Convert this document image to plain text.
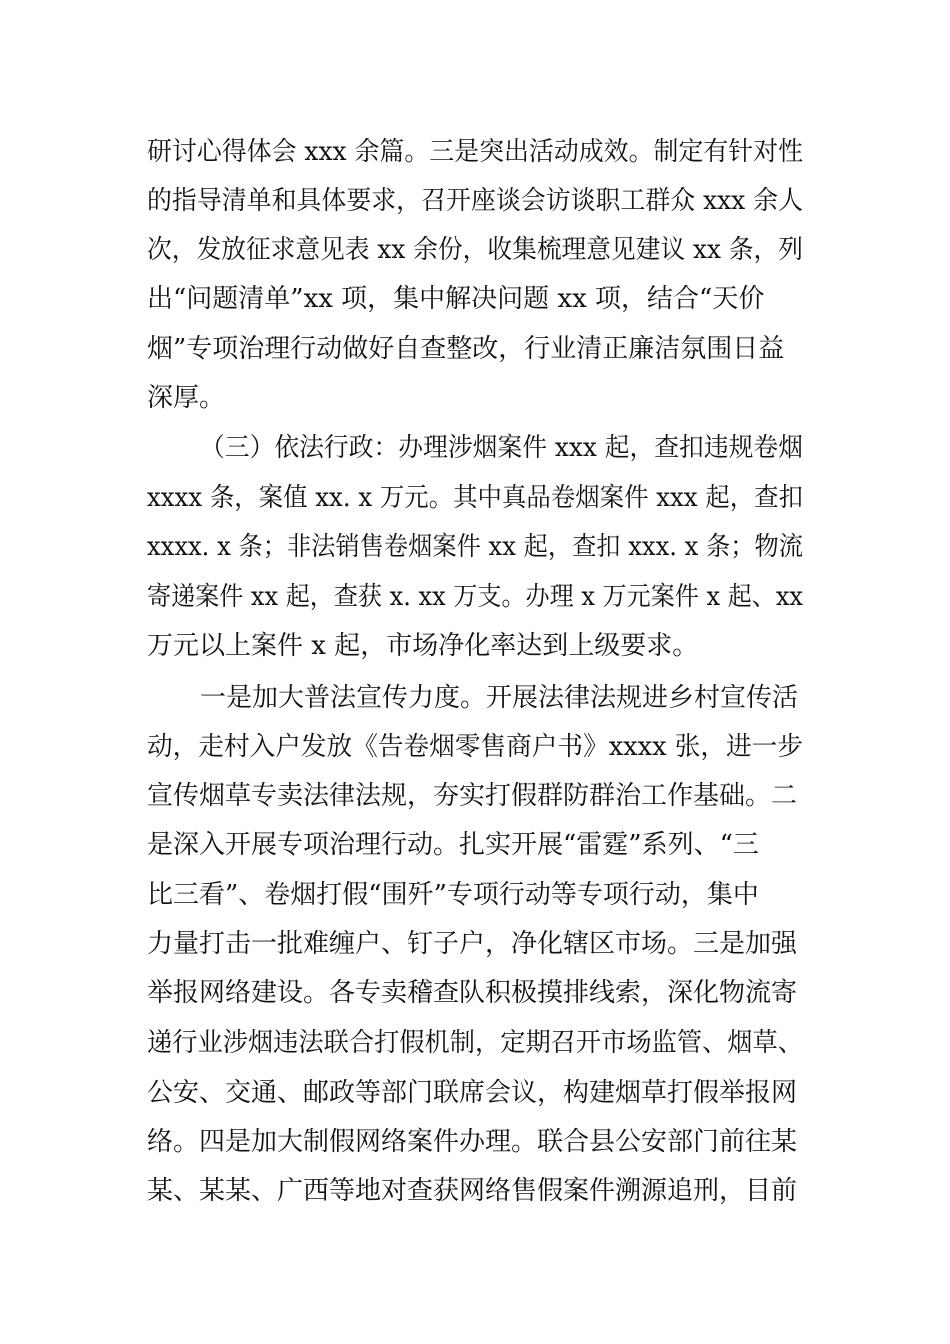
研讨心得体会 xxx 余篇。三是突出活动成效。制定有针对性
的指导清单和具体要求，召开座谈会访谈职工群众 xxx 余人
次，发放征求意见表 xx 余份，收集梳理意见建议 xx 条，列
出“问题清单”xx 项，集中解决问题 xx 项，结合“天价
烟”专项治理行动做好自查整改，行业清正廉洁氛围日益
深厚。
（三）依法行政：办理涉烟案件 xxx 起，查扣违规卷烟
xxxx 条，案值 xx. x 万元。其中真品卷烟案件 xxx 起，查扣
xxxx. x 条；非法销售卷烟案件 xx 起，查扣 xxx. x 条；物流
寄递案件 xx 起，查获 x. xx 万支。办理 x 万元案件 x 起、xx
万元以上案件 x 起，市场净化率达到上级要求。
一是加大普法宣传力度。开展法律法规进乡村宣传活
动，走村入户发放《告卷烟零售商户书》xxxx 张，进一步
宣传烟草专卖法律法规，夯实打假群防群治工作基础。二
是深入开展专项治理行动。扎实开展“雷霆”系列、“三
比三看”、卷烟打假“围歼”专项行动等专项行动，集中
力量打击一批难缠户、钉子户，净化辖区市场。三是加强
举报网络建设。各专卖稽查队积极摸排线索，深化物流寄
递行业涉烟违法联合打假机制，定期召开市场监管、烟草、
公安、交通、邮政等部门联席会议，构建烟草打假举报网
络。四是加大制假网络案件办理。联合县公安部门前往某
某、某某、广西等地对查获网络售假案件溯源追刑，目前
